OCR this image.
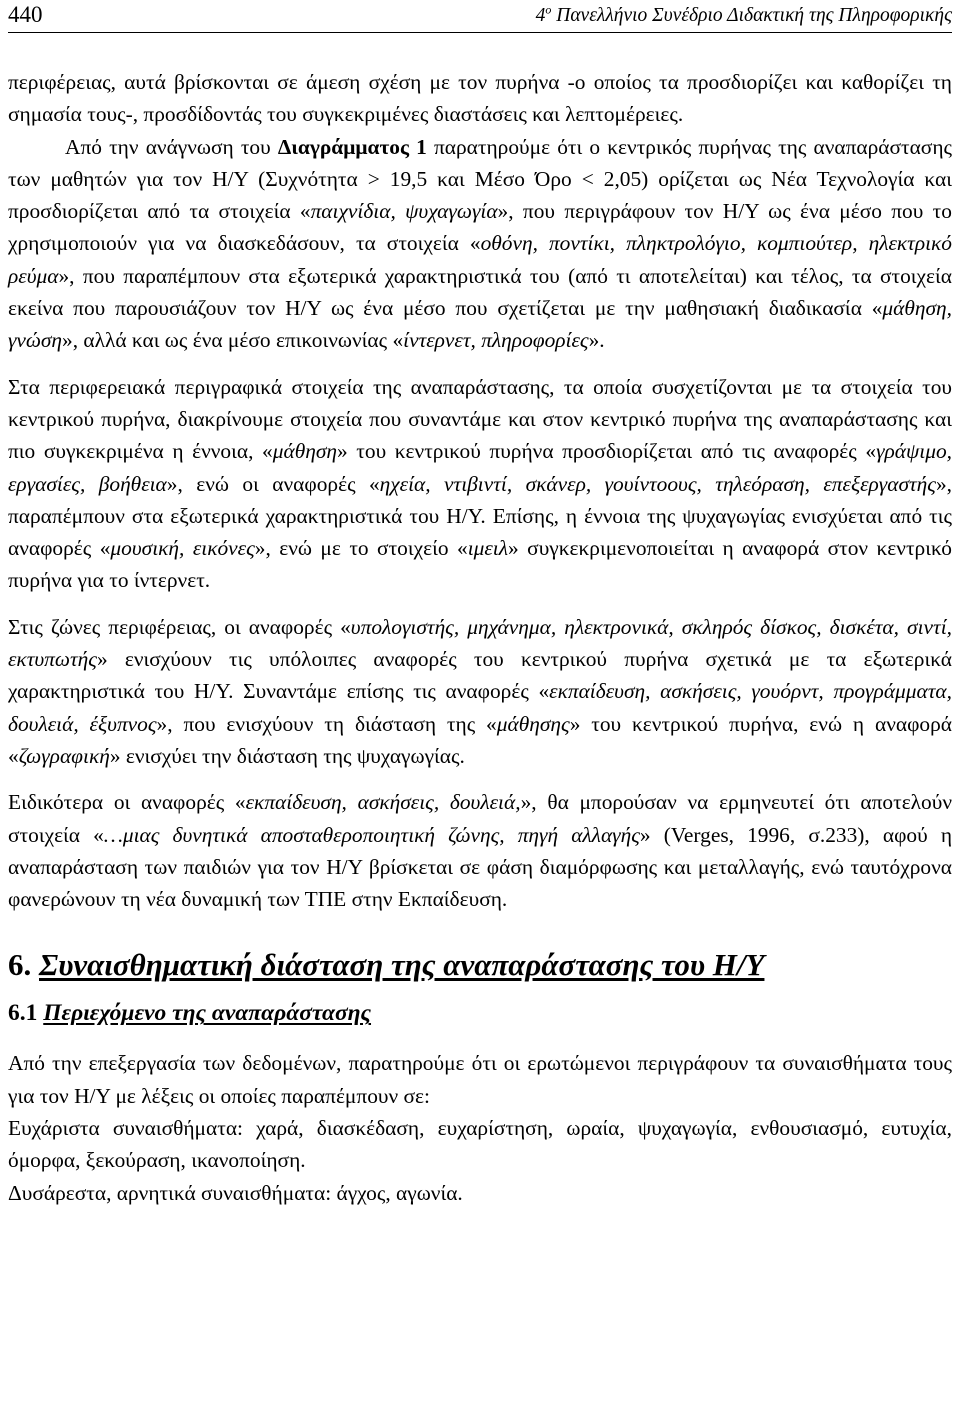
440	4$^o$ Πανελλήνιο Συνέδριο Διδακτική της Πληροφορικής

περιφέρειας, αυτά βρίσκονται σε άμεση σχέση με τον πυρήνα -ο οποίος τα προσδιορίζει και καθορίζει τη σημασία τους-, προσδίδοντάς του συγκεκριμένες διαστάσεις και λεπτομέρειες.

Από την ανάγνωση του Διαγράμματος 1 παρατηρούμε ότι ο κεντρικός πυρήνας της αναπαράστασης των μαθητών για τον Η/Υ (Συχνότητα > 19,5 και Μέσο Όρο < 2,05) ορίζεται ως Νέα Τεχνολογία και προσδιορίζεται από τα στοιχεία «παιχνίδια, ψυχαγωγία», που περιγράφουν τον Η/Υ ως ένα μέσο που το χρησιμοποιούν για να διασκεδάσουν, τα στοιχεία «οθόνη, ποντίκι, πληκτρολόγιο, κομπιούτερ, ηλεκτρικό ρεύμα», που παραπέμπουν στα εξωτερικά χαρακτηριστικά του (από τι αποτελείται) και τέλος, τα στοιχεία εκείνα που παρουσιάζουν τον Η/Υ ως ένα μέσο που σχετίζεται με την μαθησιακή διαδικασία «μάθηση, γνώση», αλλά και ως ένα μέσο επικοινωνίας «ίντερνετ, πληροφορίες».

Στα περιφερειακά περιγραφικά στοιχεία της αναπαράστασης, τα οποία συσχετίζονται με τα στοιχεία του κεντρικού πυρήνα, διακρίνουμε στοιχεία που συναντάμε και στον κεντρικό πυρήνα της αναπαράστασης και πιο συγκεκριμένα η έννοια, «μάθηση» του κεντρικού πυρήνα προσδιορίζεται από τις αναφορές «γράψιμο, εργασίες, βοήθεια», ενώ οι αναφορές «ηχεία, ντιβιντί, σκάνερ, γουίντοους, τηλεόραση, επεξεργαστής», παραπέμπουν στα εξωτερικά χαρακτηριστικά του Η/Υ. Επίσης, η έννοια της ψυχαγωγίας ενισχύεται από τις αναφορές «μουσική, εικόνες», ενώ με το στοιχείο «ιμειλ» συγκεκριμενοποιείται η αναφορά στον κεντρικό πυρήνα για το ίντερνετ.

Στις ζώνες περιφέρειας, οι αναφορές «υπολογιστής, μηχάνημα, ηλεκτρονικά, σκληρός δίσκος, δισκέτα, σιντί, εκτυπωτής» ενισχύουν τις υπόλοιπες αναφορές του κεντρικού πυρήνα σχετικά με τα εξωτερικά χαρακτηριστικά του Η/Υ. Συναντάμε επίσης τις αναφορές «εκπαίδευση, ασκήσεις, γουόρντ, προγράμματα, δουλειά, έξυπνος», που ενισχύουν τη διάσταση της «μάθησης» του κεντρικού πυρήνα, ενώ η αναφορά «ζωγραφική» ενισχύει την διάσταση της ψυχαγωγίας.

Ειδικότερα οι αναφορές «εκπαίδευση, ασκήσεις, δουλειά,», θα μπορούσαν να ερμηνευτεί ότι αποτελούν στοιχεία «…μιας δυνητικά αποσταθεροποιητική ζώνης, πηγή αλλαγής» (Verges, 1996, σ.233), αφού η αναπαράσταση των παιδιών για τον Η/Υ βρίσκεται σε φάση διαμόρφωσης και μεταλλαγής, ενώ ταυτόχρονα φανερώνουν τη νέα δυναμική των ΤΠΕ στην Εκπαίδευση.

6. Συναισθηματική διάσταση της αναπαράστασης του Η/Υ
6.1 Περιεχόμενο της αναπαράστασης

Από την επεξεργασία των δεδομένων, παρατηρούμε ότι οι ερωτώμενοι περιγράφουν τα συναισθήματα τους για τον Η/Υ με λέξεις οι οποίες παραπέμπουν σε:

Ευχάριστα συναισθήματα: χαρά, διασκέδαση, ευχαρίστηση, ωραία, ψυχαγωγία, ενθουσιασμό, ευτυχία, όμορφα, ξεκούραση, ικανοποίηση.

Δυσάρεστα, αρνητικά συναισθήματα: άγχος, αγωνία.
